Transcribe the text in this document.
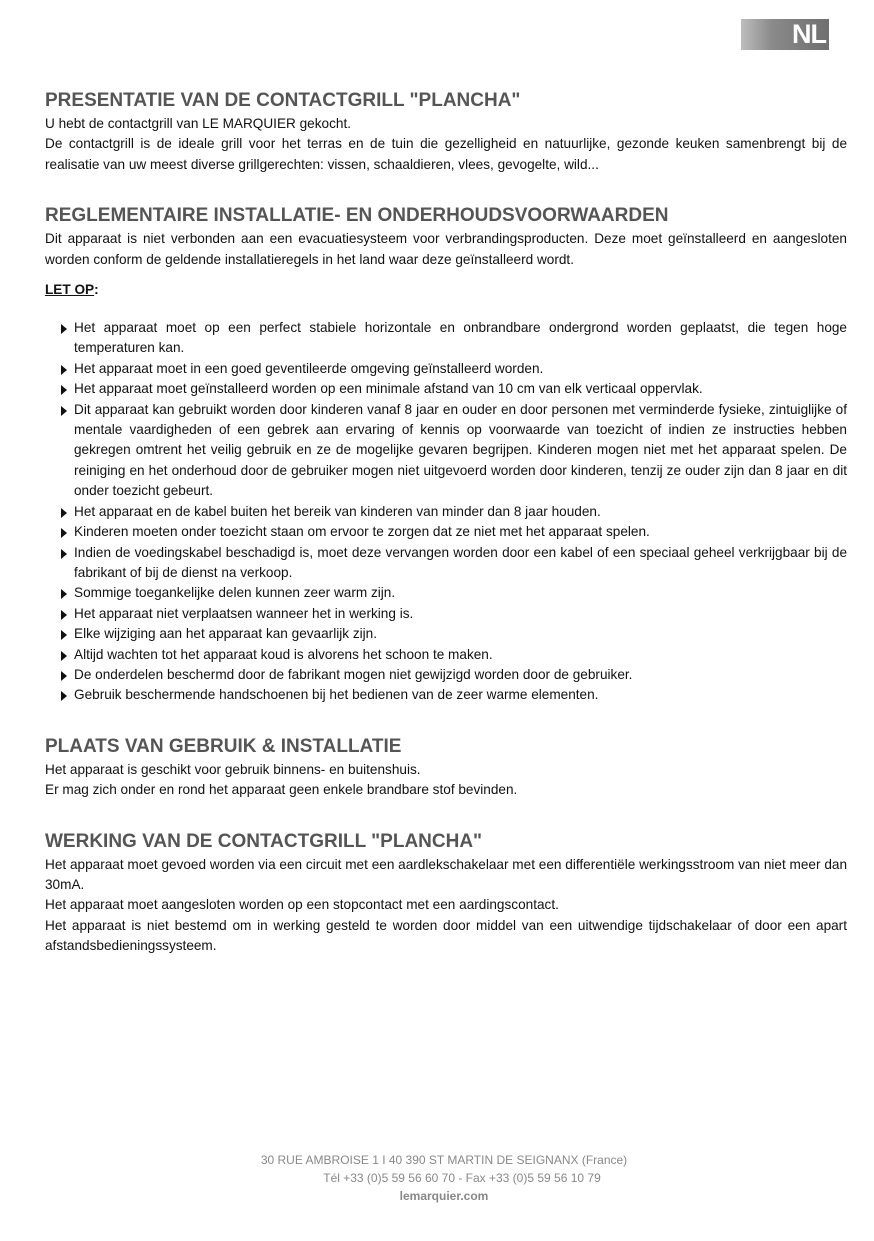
NL
PRESENTATIE VAN DE CONTACTGRILL "PLANCHA"

U hebt de contactgrill van LE MARQUIER gekocht.

De contactgrill is de ideale grill voor het terras en de tuin die gezelligheid en natuurlijke, gezonde keuken samenbrengt bij de realisatie van uw meest diverse grillgerechten: vissen, schaaldieren, vlees, gevogelte, wild...

REGLEMENTAIRE INSTALLATIE- EN ONDERHOUDSVOORWAARDEN

Dit apparaat is niet verbonden aan een evacuatiesysteem voor verbrandingsproducten. Deze moet geïnstalleerd en aangesloten worden conform de geldende installatieregels in het land waar deze geïnstalleerd wordt.

LET OP:
Het apparaat moet op een perfect stabiele horizontale en onbrandbare ondergrond worden geplaatst, die tegen hoge temperaturen kan.
Het apparaat moet in een goed geventileerde omgeving geïnstalleerd worden.
Het apparaat moet geïnstalleerd worden op een minimale afstand van 10 cm van elk verticaal oppervlak.
Dit apparaat kan gebruikt worden door kinderen vanaf 8 jaar en ouder en door personen met verminderde fysieke, zintuiglijke of mentale vaardigheden of een gebrek aan ervaring of kennis op voorwaarde van toezicht of indien ze instructies hebben gekregen omtrent het veilig gebruik en ze de mogelijke gevaren begrijpen. Kinderen mogen niet met het apparaat spelen. De reiniging en het onderhoud door de gebruiker mogen niet uitgevoerd worden door kinderen, tenzij ze ouder zijn dan 8 jaar en dit onder toezicht gebeurt.
Het apparaat en de kabel buiten het bereik van kinderen van minder dan 8 jaar houden.
Kinderen moeten onder toezicht staan om ervoor te zorgen dat ze niet met het apparaat spelen.
Indien de voedingskabel beschadigd is, moet deze vervangen worden door een kabel of een speciaal geheel verkrijgbaar bij de fabrikant of bij de dienst na verkoop.
Sommige toegankelijke delen kunnen zeer warm zijn.
Het apparaat niet verplaatsen wanneer het in werking is.
Elke wijziging aan het apparaat kan gevaarlijk zijn.
Altijd wachten tot het apparaat koud is alvorens het schoon te maken.
De onderdelen beschermd door de fabrikant mogen niet gewijzigd worden door de gebruiker.
Gebruik beschermende handschoenen bij het bedienen van de zeer warme elementen.
PLAATS VAN GEBRUIK & INSTALLATIE

Het apparaat is geschikt voor gebruik binnens- en buitenshuis.

Er mag zich onder en rond het apparaat geen enkele brandbare stof bevinden.

WERKING VAN DE CONTACTGRILL "PLANCHA"

Het apparaat moet gevoed worden via een circuit met een aardlekschakelaar met een differentiële werkingsstroom van niet meer dan 30mA.

Het apparaat moet aangesloten worden op een stopcontact met een aardingscontact.

Het apparaat is niet bestemd om in werking gesteld te worden door middel van een uitwendige tijdschakelaar of door een apart afstandsbedieningssysteem.

30 RUE AMBROISE 1 I 40 390 ST MARTIN DE SEIGNANX (France)
Tél +33 (0)5 59 56 60 70 - Fax +33 (0)5 59 56 10 79
lemarquier.com
